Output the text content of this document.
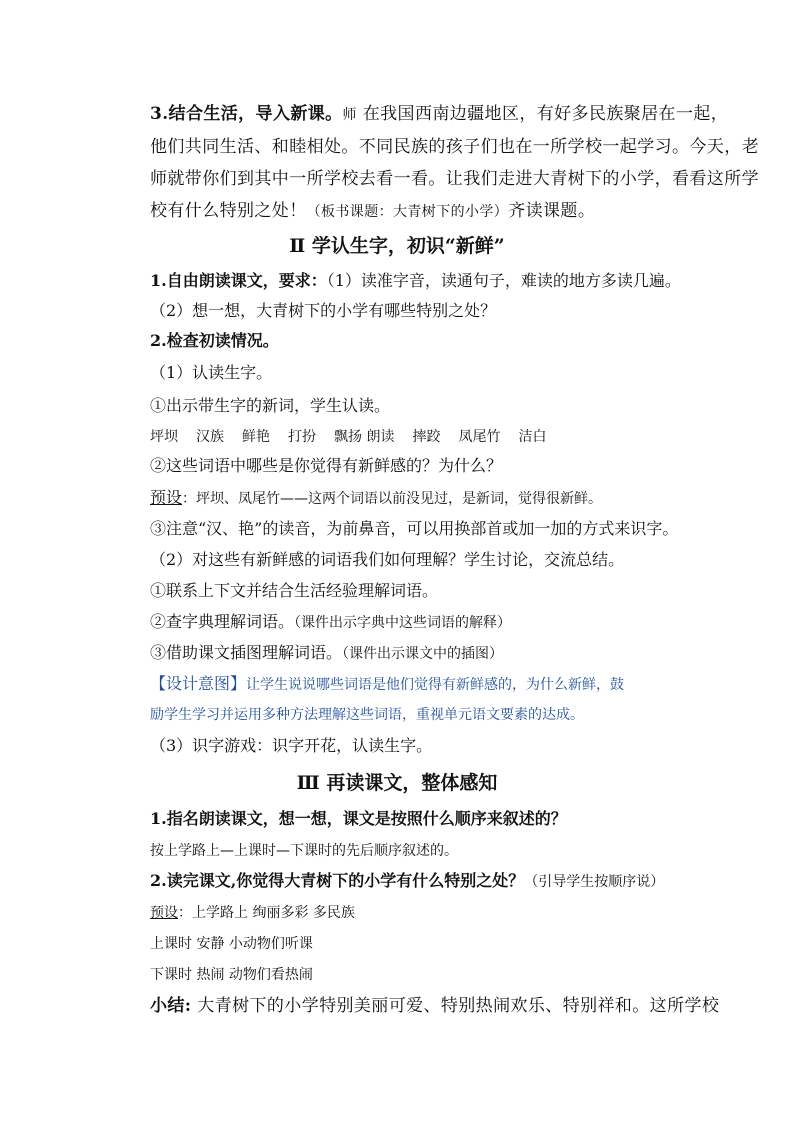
3.结合生活，导入新课。师 在我国西南边疆地区，有好多民族聚居在一起，
他们共同生活、和睦相处。不同民族的孩子们也在一所学校一起学习。今天，老
师就带你们到其中一所学校去看一看。让我们走进大青树下的小学，看看这所学
校有什么特别之处！（板书课题：大青树下的小学）齐读课题。
Ⅱ 学认生字，初识“新鲜”
1.自由朗读课文，要求：（1）读准字音，读通句子，难读的地方多读几遍。
（2）想一想，大青树下的小学有哪些特别之处？
2.检查初读情况。
（1）认读生字。
①出示带生字的新词，学生认读。
坪坝 汉族 鲜艳 打扮 飘扬 朗读 摔跤 凤尾竹 洁白
②这些词语中哪些是你觉得有新鲜感的？为什么？
预设：坪坝、凤尾竹——这两个词语以前没见过，是新词，觉得很新鲜。
③注意“汉、艳”的读音，为前鼻音，可以用换部首或加一加的方式来识字。
（2）对这些有新鲜感的词语我们如何理解？学生讨论，交流总结。
①联系上下文并结合生活经验理解词语。
②查字典理解词语。（课件出示字典中这些词语的解释）
③借助课文插图理解词语。（课件出示课文中的插图）
【设计意图】让学生说说哪些词语是他们觉得有新鲜感的，为什么新鲜，鼓
励学生学习并运用多种方法理解这些词语，重视单元语文要素的达成。
（3）识字游戏：识字开花，认读生字。
Ⅲ 再读课文，整体感知
1.指名朗读课文，想一想，课文是按照什么顺序来叙述的？
按上学路上—上课时—下课时的先后顺序叙述的。
2.读完课文,你觉得大青树下的小学有什么特别之处？（引导学生按顺序说）
预设：上学路上 绚丽多彩 多民族
上课时 安静 小动物们听课
下课时 热闹 动物们看热闹
小结: 大青树下的小学特别美丽可爱、特别热闹欢乐、特别祥和。这所学校
